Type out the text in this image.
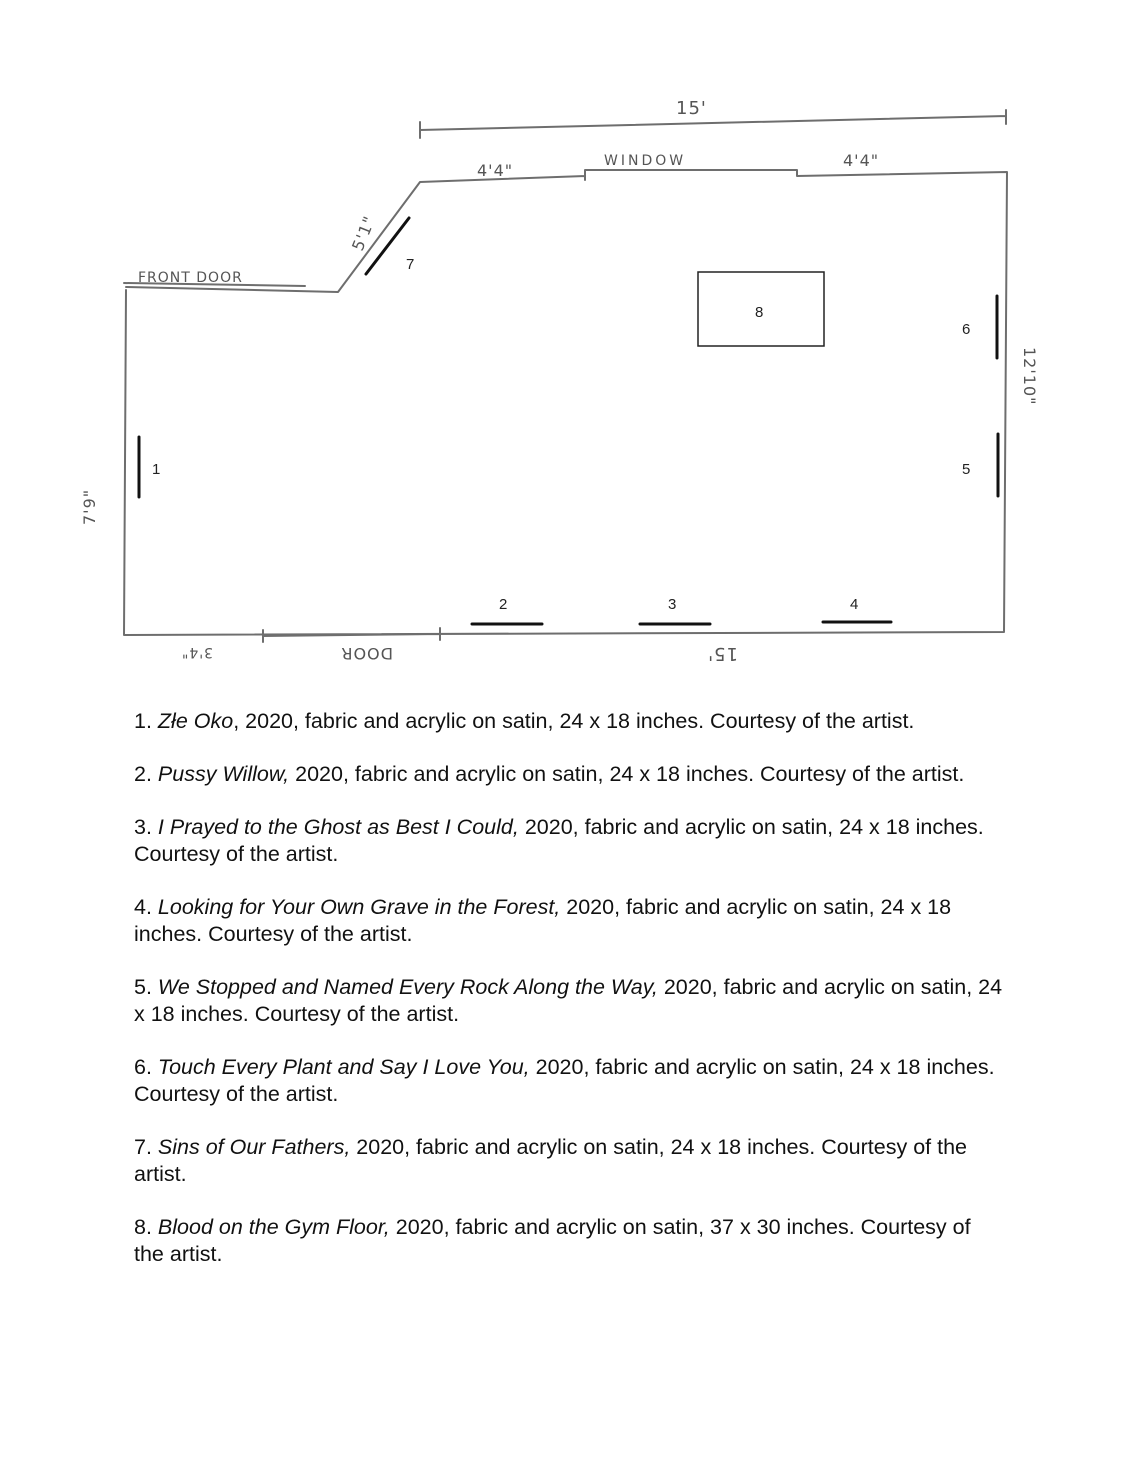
1
2	3	4
5
6
7
8
15'
4'4"	WINDOW	4'4"
5'1"
FRONT DOOR
7'9"
12'10"
3'4"	DOOR	15'

1. Złe Oko, 2020, fabric and acrylic on satin, 24 x 18 inches. Courtesy of the artist.

2. Pussy Willow, 2020, fabric and acrylic on satin, 24 x 18 inches. Courtesy of the artist.

3. I Prayed to the Ghost as Best I Could, 2020, fabric and acrylic on satin, 24 x 18 inches. Courtesy of the artist.

4. Looking for Your Own Grave in the Forest, 2020, fabric and acrylic on satin, 24 x 18 inches. Courtesy of the artist.

5. We Stopped and Named Every Rock Along the Way, 2020, fabric and acrylic on satin, 24 x 18 inches. Courtesy of the artist.

6. Touch Every Plant and Say I Love You, 2020, fabric and acrylic on satin, 24 x 18 inches. Courtesy of the artist.

7. Sins of Our Fathers, 2020, fabric and acrylic on satin, 24 x 18 inches. Courtesy of the artist.

8. Blood on the Gym Floor, 2020, fabric and acrylic on satin, 37 x 30 inches. Courtesy of the artist.
